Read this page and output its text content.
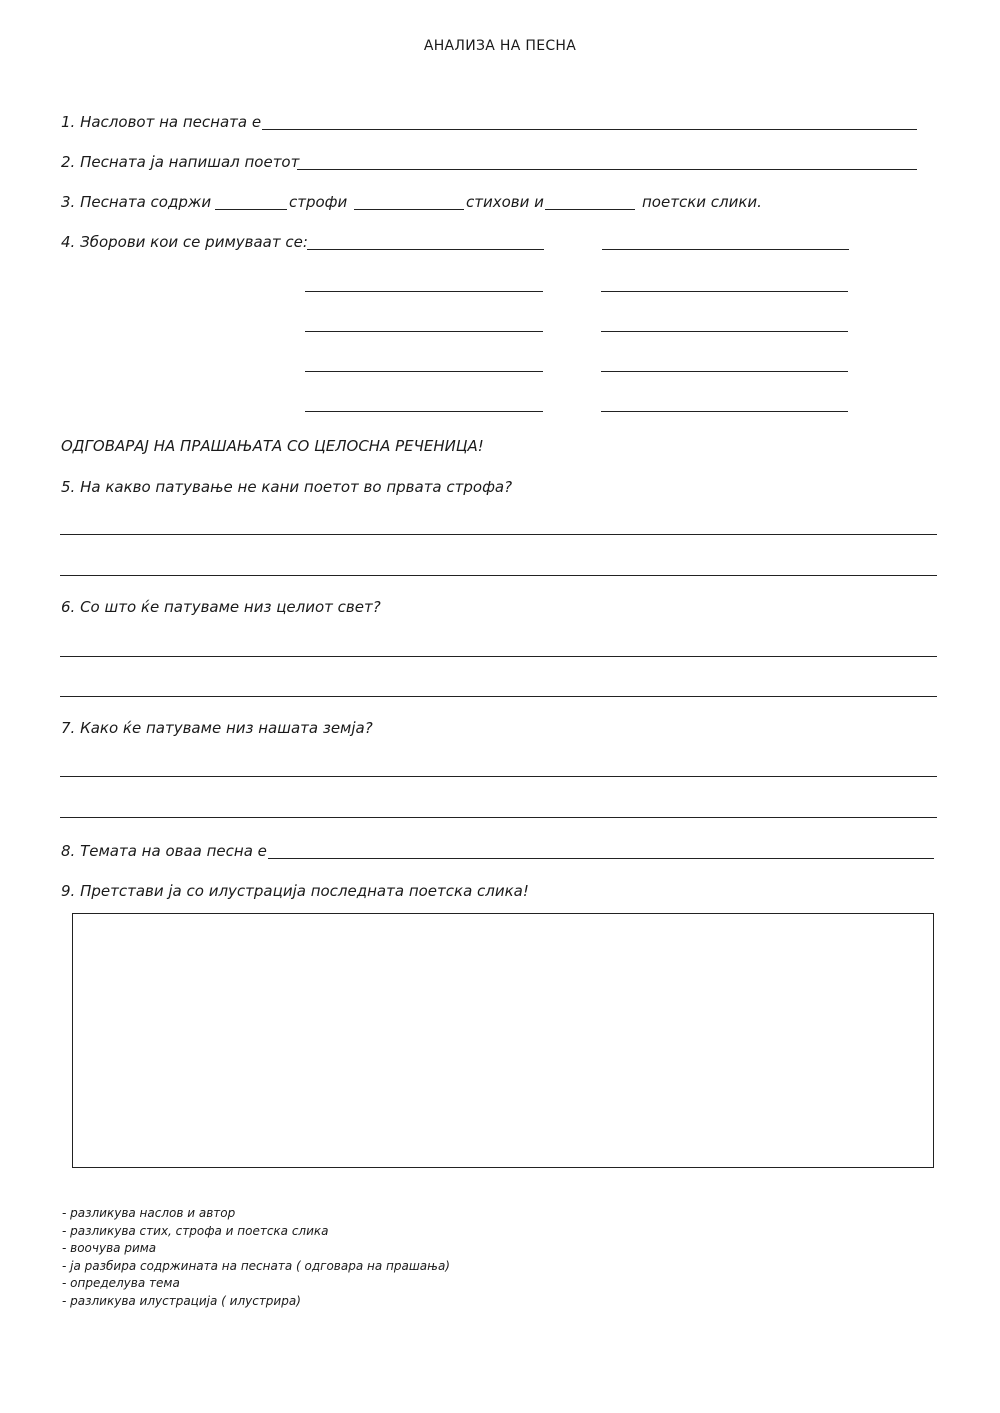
АНАЛИЗА НА ПЕСНА
1. Насловот на песната е
2. Песната ја напишал поетот
3. Песната содржи	строфи	стихови и	поетски слики.
4. Зборови кои се римуваат се:
ОДГОВАРАЈ НА ПРАШАЊАТА СО ЦЕЛОСНА РЕЧЕНИЦА!
5. На какво патување не кани поетот во првата строфа?
6. Со што ќе патуваме низ целиот свет?
7. Како ќе патуваме низ нашата земја?
8. Темата на оваа песна е
9. Претстави ја со илустрација последната поетска слика!
- разликува наслов и автор
- разликува стих, строфа и поетска слика
- воочува рима
- ја разбира содржината на песната ( одговара на прашања)
- определува тема
- разликува илустрација ( илустрира)
